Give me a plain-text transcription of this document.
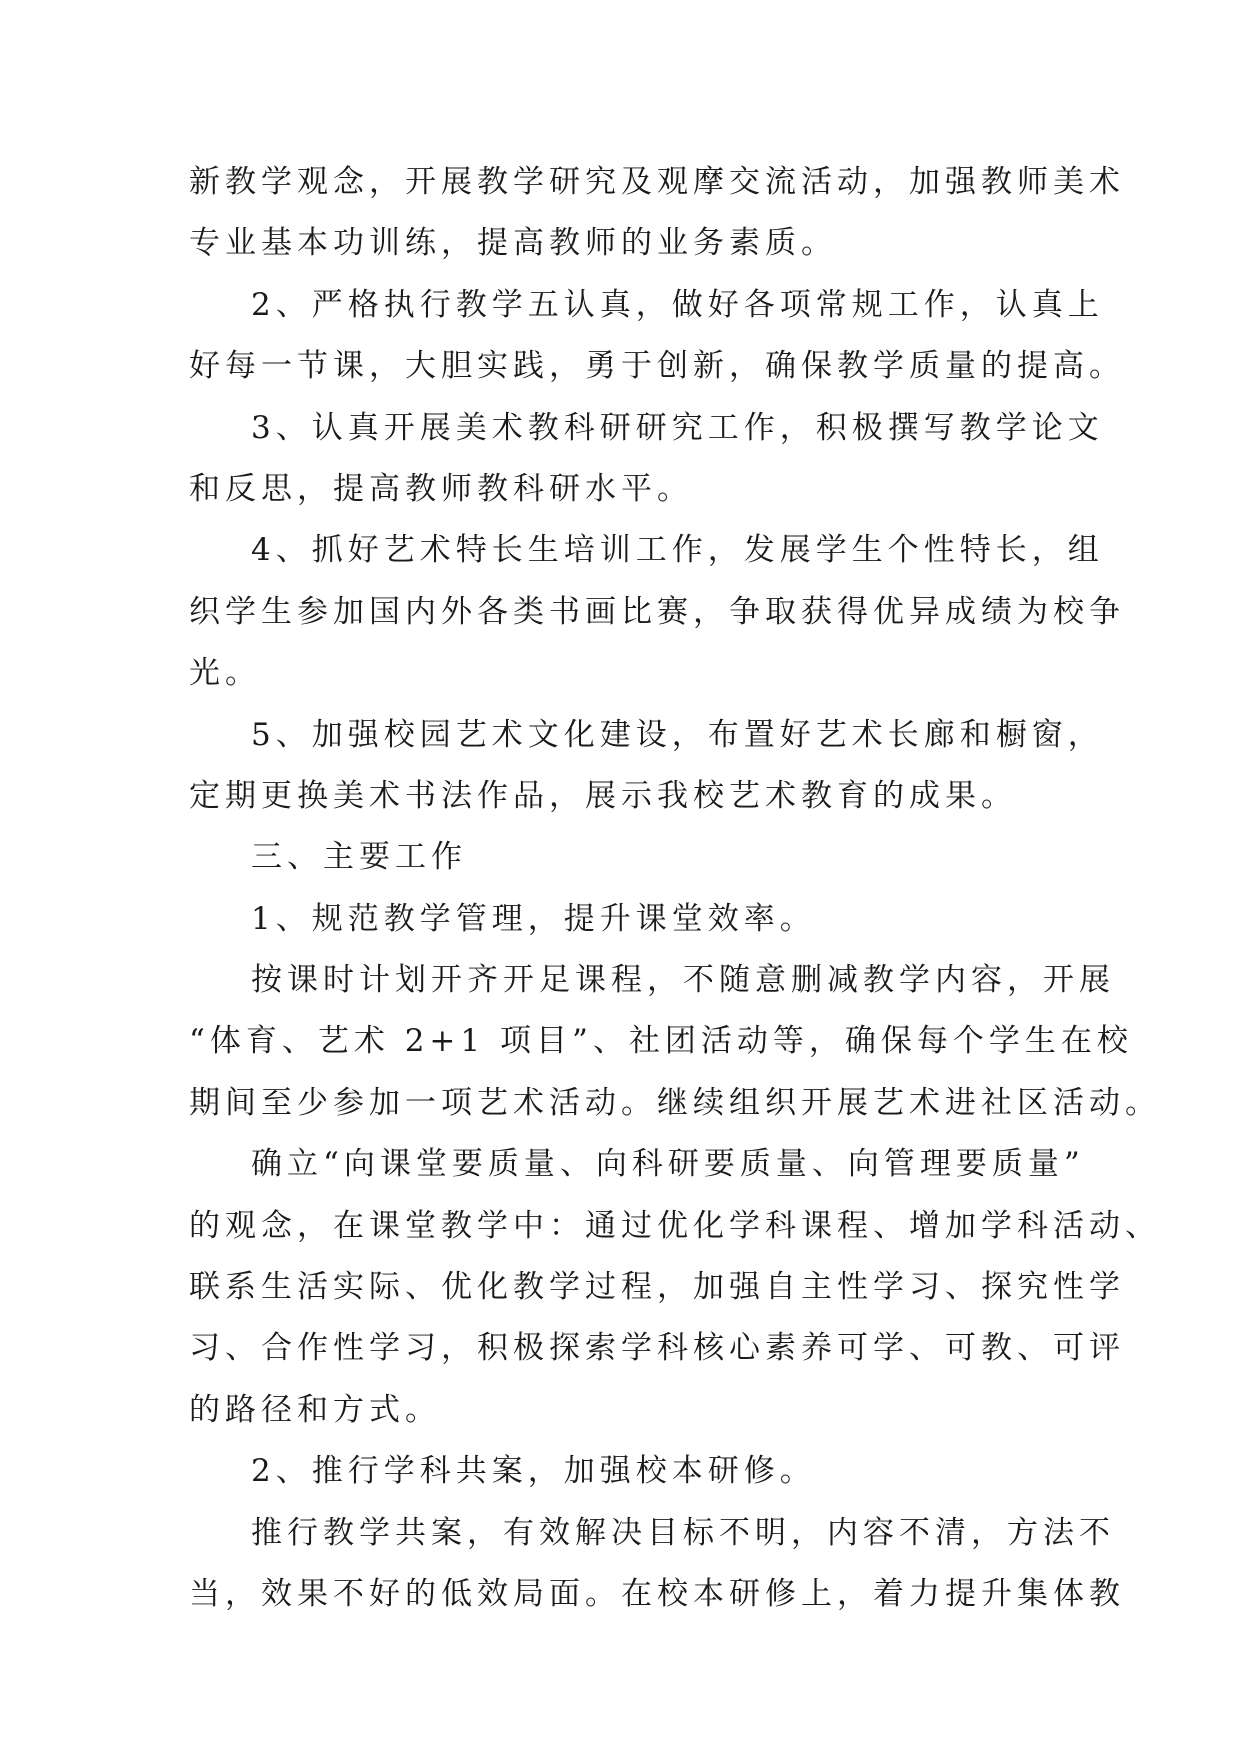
新教学观念，开展教学研究及观摩交流活动，加强教师美术
专业基本功训练，提高教师的业务素质。
2、严格执行教学五认真，做好各项常规工作，认真上
好每一节课，大胆实践，勇于创新，确保教学质量的提高。
3、认真开展美术教科研研究工作，积极撰写教学论文
和反思，提高教师教科研水平。
4、抓好艺术特长生培训工作，发展学生个性特长，组
织学生参加国内外各类书画比赛，争取获得优异成绩为校争
光。
5、加强校园艺术文化建设，布置好艺术长廊和橱窗，
定期更换美术书法作品，展示我校艺术教育的成果。
三、主要工作
1、规范教学管理，提升课堂效率。
按课时计划开齐开足课程，不随意删减教学内容，开展
“体育、艺术 2+1 项目”、社团活动等，确保每个学生在校
期间至少参加一项艺术活动。继续组织开展艺术进社区活动。
确立“向课堂要质量、向科研要质量、向管理要质量”
的观念，在课堂教学中：通过优化学科课程、增加学科活动、
联系生活实际、优化教学过程，加强自主性学习、探究性学
习、合作性学习，积极探索学科核心素养可学、可教、可评
的路径和方式。
2、推行学科共案，加强校本研修。
推行教学共案，有效解决目标不明，内容不清，方法不
当，效果不好的低效局面。在校本研修上，着力提升集体教
